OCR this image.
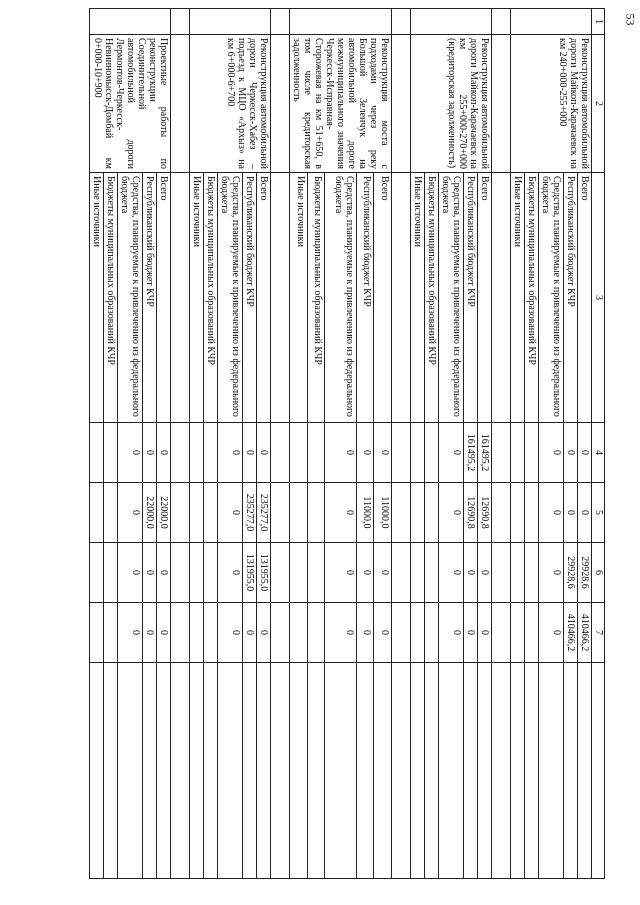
53
1	2	3	4	5	6	7	
	Реконструкция автомобильной дороги Майкоп-Карачаевск на км 240+000-255+000	Всего	0	0	29928,6	410466,2	
		Республиканский бюджет КЧР	0	0	29928,6	410466,2	
		Средства, планируемые к привлечению из федерального бюджета	0	0	0	0	
		Бюджеты муниципальных образований КЧР					
		Иные источники					

	Реконструкция автомобильной дороги Майкоп-Карачаевск на км 255+000-270+000 (кредиторская задолженность)	Всего	161495,2	12690,8	0	0	
		Республиканский бюджет КЧР	161495,2	12690,8	0	0	
		Средства, планируемые к привлечению из федерального бюджета	0	0	0	0	
		Бюджеты муниципальных образований КЧР					
		Иные источники					

	Реконструкция моста с подходами через реку Большой Зеленчук на автомобильной дороге межмуниципального значения Черкесск-Исправная-Сторожевая на км 51+650, в том числе кредиторская задолженность	Всего	0	11000,0	0	0	
		Республиканский бюджет КЧР	0	11000,0	0	0	
		Средства, планируемые к привлечению из федерального бюджета	0	0	0	0	
		Бюджеты муниципальных образований КЧР					
		Иные источники					

	Реконструкция автомобильной дороги Черкесск-Хабез – подъезд к МЦО «Архыз» на км 6+000-6+700	Всего	0	235277,0	131955,0	0	
		Республиканский бюджет КЧР	0	235277,0	131955,0	0	
		Средства, планируемые к привлечению из федерального бюджета	0	0	0	0	
		Бюджеты муниципальных образований КЧР					
		Иные источники					

	Проектные работы по реконструкции Соединительной автомобильной дороги Лермонтов-Черкесск-Невинномысск-Домбай км 0+000-10+900	Всего	0	22000,0	0	0	
		Республиканский бюджет КЧР	0	22000,0	0	0	
		Средства, планируемые к привлечению из федерального бюджета	0	0	0	0	
		Бюджеты муниципальных образований КЧР					
		Иные источники					
